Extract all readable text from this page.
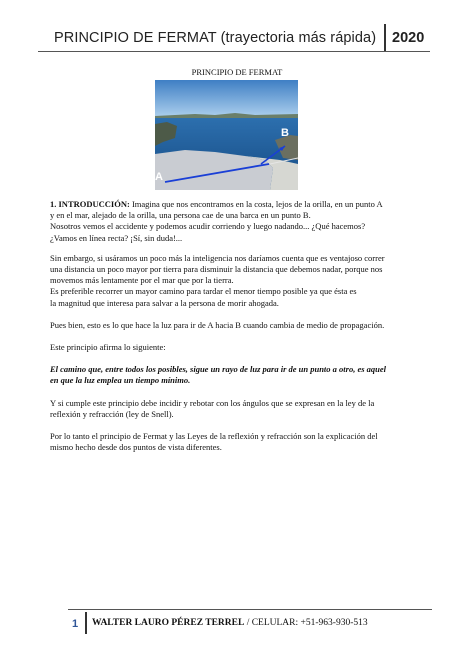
PRINCIPIO DE FERMAT (trayectoria más rápida) 2020
PRINCIPIO DE FERMAT
A
B

1. INTRODUCCIÓN: Imagina que nos encontramos en la costa, lejos de la orilla, en un punto A
y en el mar, alejado de la orilla, una persona cae de una barca en un punto B.
Nosotros vemos el accidente y podemos acudir corriendo y luego nadando... ¿Qué hacemos?
¿Vamos en línea recta? ¡Sí, sin duda!...

Sin embargo, si usáramos un poco más la inteligencia nos daríamos cuenta que es ventajoso correr
una distancia un poco mayor por tierra para disminuir la distancia que debemos nadar, porque nos
movemos más lentamente por el mar que por la tierra.
Es preferible recorrer un mayor camino para tardar el menor tiempo posible ya que ésta es
la magnitud que interesa para salvar a la persona de morir ahogada.

Pues bien, esto es lo que hace la luz para ir de A hacia B cuando cambia de medio de propagación.

Este principio afirma lo siguiente:

El camino que, entre todos los posibles, sigue un rayo de luz para ir de un punto a otro, es aquel
en que la luz emplea un tiempo mínimo.

Y si cumple este principio debe incidir y rebotar con los ángulos que se expresan en la ley de la
reflexión y refracción (ley de Snell).

Por lo tanto el principio de Fermat y las Leyes de la reflexión y refracción son la explicación del
mismo hecho desde dos puntos de vista diferentes.

1 WALTER LAURO PÉREZ TERREL / CELULAR: +51-963-930-513
